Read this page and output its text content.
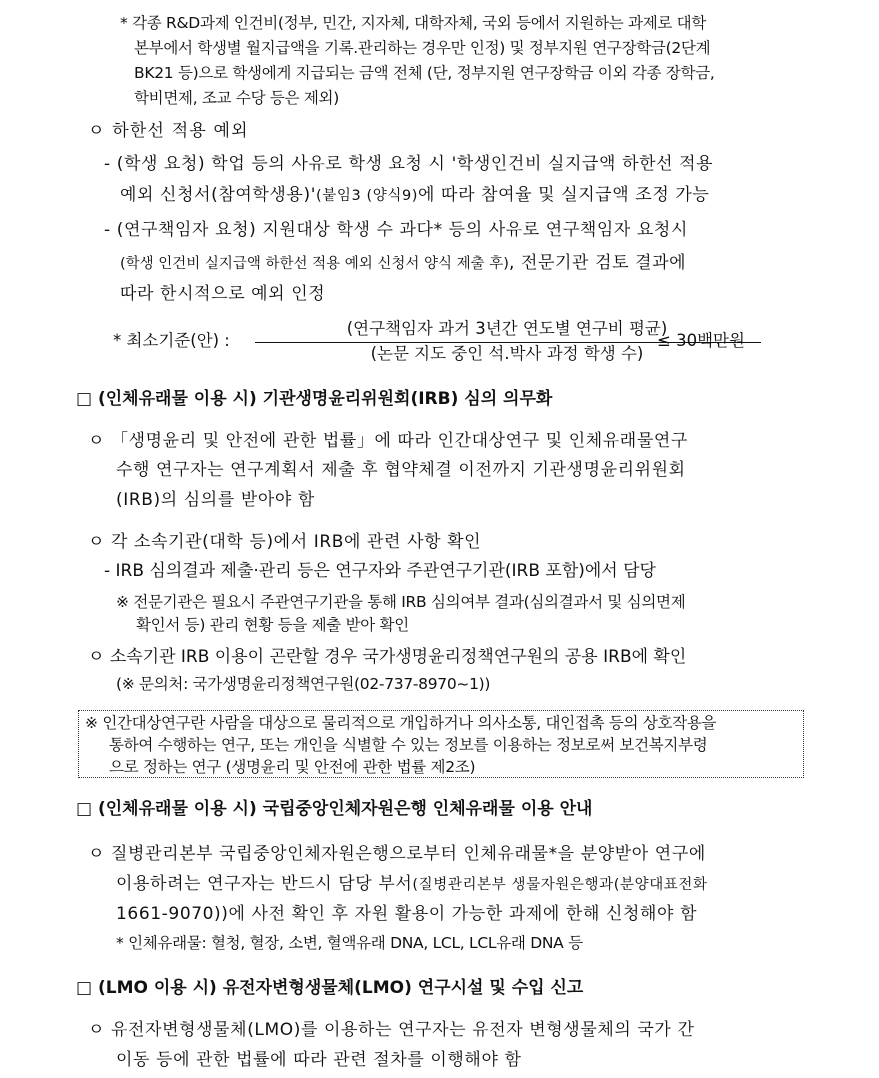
* 각종 R&D과제 인건비(정부, 민간, 지자체, 대학자체, 국외 등에서 지원하는 과제로 대학
본부에서 학생별 월지급액을 기록.관리하는 경우만 인정) 및 정부지원 연구장학금(2단계
BK21 등)으로 학생에게 지급되는 금액 전체 (단, 정부지원 연구장학금 이외 각종 장학금,
학비면제, 조교 수당 등은 제외)
ㅇ 하한선 적용 예외
- (학생 요청) 학업 등의 사유로 학생 요청 시 '학생인건비 실지급액 하한선 적용
예외 신청서(참여학생용)'(붙임3 (양식9)에 따라 참여율 및 실지급액 조정 가능
- (연구책임자 요청) 지원대상 학생 수 과다* 등의 사유로 연구책임자 요청시
(학생 인건비 실지급액 하한선 적용 예외 신청서 양식 제출 후), 전문기관 검토 결과에
따라 한시적으로 예외 인정
* 최소기준(안) :
(연구책임자 과거 3년간 연도별 연구비 평균)
(논문 지도 중인 석.박사 과정 학생 수)
≤ 30백만원
□ (인체유래물 이용 시) 기관생명윤리위원회(IRB) 심의 의무화
ㅇ 「생명윤리 및 안전에 관한 법률」에 따라 인간대상연구 및 인체유래물연구
수행 연구자는 연구계획서 제출 후 협약체결 이전까지 기관생명윤리위원회
(IRB)의 심의를 받아야 함
ㅇ 각 소속기관(대학 등)에서 IRB에 관련 사항 확인
- IRB 심의결과 제출·관리 등은 연구자와 주관연구기관(IRB 포함)에서 담당
※ 전문기관은 필요시 주관연구기관을 통해 IRB 심의여부 결과(심의결과서 및 심의면제
확인서 등) 관리 현황 등을 제출 받아 확인
ㅇ 소속기관 IRB 이용이 곤란할 경우 국가생명윤리정책연구원의 공용 IRB에 확인
(※ 문의처: 국가생명윤리정책연구원(02-737-8970~1))
※ 인간대상연구란 사람을 대상으로 물리적으로 개입하거나 의사소통, 대인접촉 등의 상호작용을
통하여 수행하는 연구, 또는 개인을 식별할 수 있는 정보를 이용하는 정보로써 보건복지부령
으로 정하는 연구 (생명윤리 및 안전에 관한 법률 제2조)
□ (인체유래물 이용 시) 국립중앙인체자원은행 인체유래물 이용 안내
ㅇ 질병관리본부 국립중앙인체자원은행으로부터 인체유래물*을 분양받아 연구에
이용하려는 연구자는 반드시 담당 부서(질병관리본부 생물자원은행과(분양대표전화
1661-9070))에 사전 확인 후 자원 활용이 가능한 과제에 한해 신청해야 함
* 인체유래물: 혈청, 혈장, 소변, 혈액유래 DNA, LCL, LCL유래 DNA 등
□ (LMO 이용 시) 유전자변형생물체(LMO) 연구시설 및 수입 신고
ㅇ 유전자변형생물체(LMO)를 이용하는 연구자는 유전자 변형생물체의 국가 간
이동 등에 관한 법률에 따라 관련 절차를 이행해야 함
